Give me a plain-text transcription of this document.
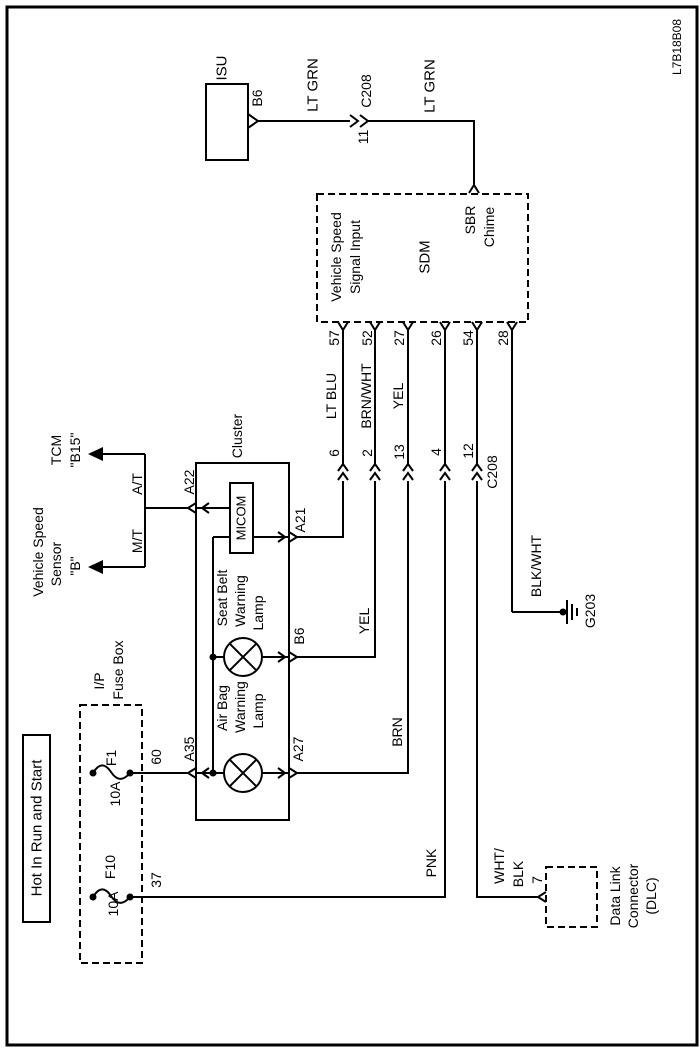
ISU
B6	LT GRN	C208
11
LT GRN
L7B18B08
Vehicle Speed Signal Input	SDM
SBR Chime
57 52 27 26 54 28
LT BLU BRN/WHT YEL
6 2 13 4 12
C208
YEL
BRN
PNK	WHT/ BLK
BLK/WHT
G203
Cluster
MICOM
Seat Belt Warning Lamp
Air Bag Warning Lamp
A22
A21
B6
A27
A35
TCM "B15"
A/T
M/T
Vehicle Speed Sensor "B"
Hot In Run and Start
I/P Fuse Box
F1
10A
60
F10
10A
37	7	Data Link Connector (DLC)
